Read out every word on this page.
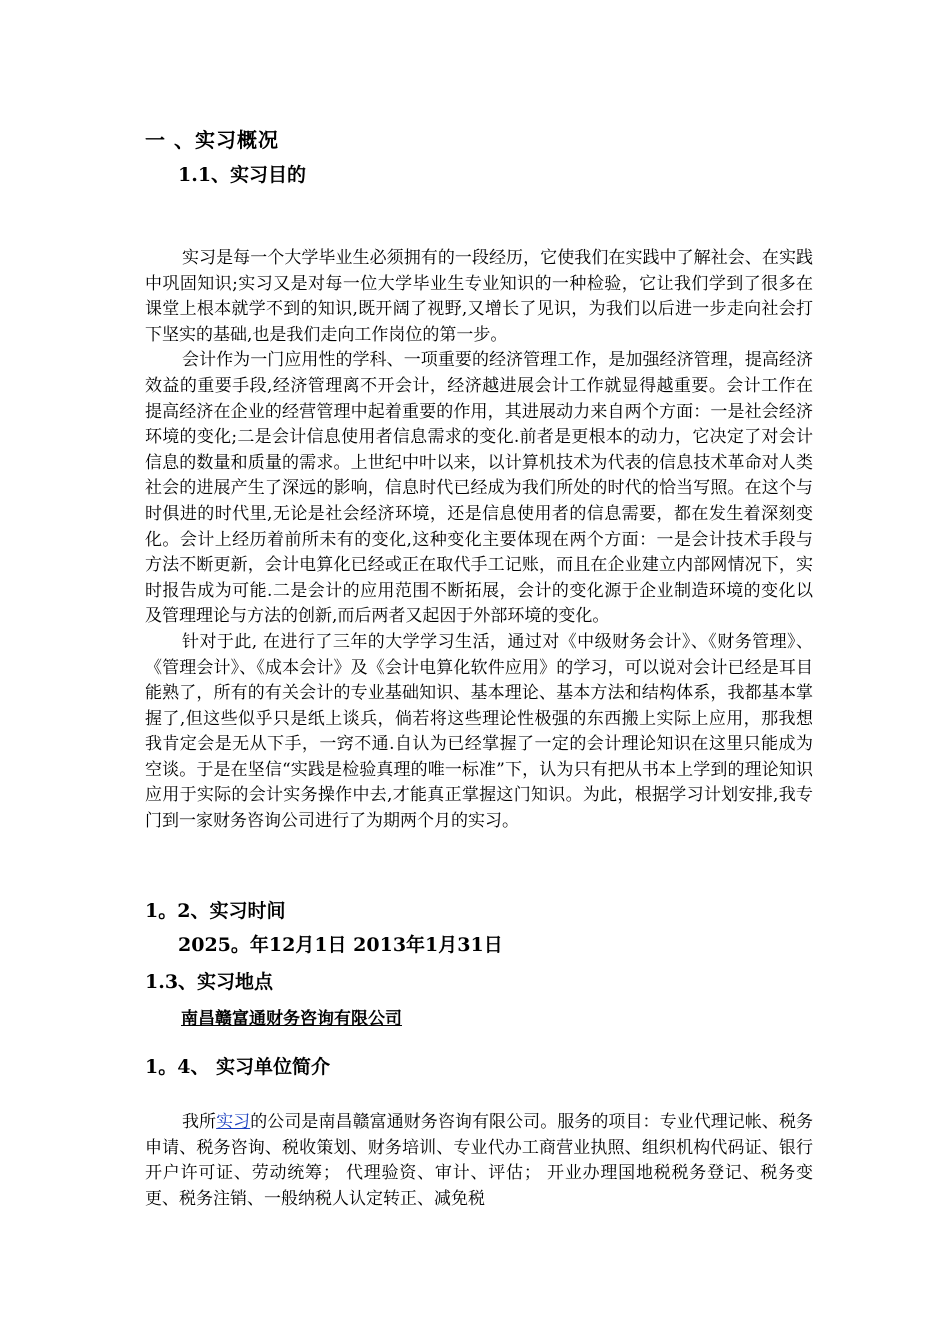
一 、实习概况
1.1、实习目的

实习是每一个大学毕业生必须拥有的一段经历，它使我们在实践中了解社会、在实践中巩固知识;实习又是对每一位大学毕业生专业知识的一种检验，它让我们学到了很多在课堂上根本就学不到的知识,既开阔了视野,又增长了见识，为我们以后进一步走向社会打下坚实的基础,也是我们走向工作岗位的第一步。

会计作为一门应用性的学科、一项重要的经济管理工作，是加强经济管理，提高经济效益的重要手段,经济管理离不开会计，经济越进展会计工作就显得越重要。会计工作在提高经济在企业的经营管理中起着重要的作用，其进展动力来自两个方面：一是社会经济环境的变化;二是会计信息使用者信息需求的变化.前者是更根本的动力，它决定了对会计信息的数量和质量的需求。上世纪中叶以来，以计算机技术为代表的信息技术革命对人类社会的进展产生了深远的影响，信息时代已经成为我们所处的时代的恰当写照。在这个与时俱进的时代里,无论是社会经济环境，还是信息使用者的信息需要，都在发生着深刻变化。会计上经历着前所未有的变化,这种变化主要体现在两个方面：一是会计技术手段与方法不断更新，会计电算化已经或正在取代手工记账，而且在企业建立内部网情况下，实时报告成为可能.二是会计的应用范围不断拓展，会计的变化源于企业制造环境的变化以及管理理论与方法的创新,而后两者又起因于外部环境的变化。

针对于此, 在进行了三年的大学学习生活，通过对《中级财务会计》、《财务管理》、《管理会计》、《成本会计》及《会计电算化软件应用》的学习，可以说对会计已经是耳目能熟了，所有的有关会计的专业基础知识、基本理论、基本方法和结构体系，我都基本掌握了,但这些似乎只是纸上谈兵，倘若将这些理论性极强的东西搬上实际上应用，那我想我肯定会是无从下手，一窍不通.自认为已经掌握了一定的会计理论知识在这里只能成为空谈。于是在坚信“实践是检验真理的唯一标准”下，认为只有把从书本上学到的理论知识应用于实际的会计实务操作中去,才能真正掌握这门知识。为此，根据学习计划安排,我专门到一家财务咨询公司进行了为期两个月的实习。

1。2、实习时间
2025。年12月1日 2013年1月31日
1.3、实习地点
南昌赣富通财务咨询有限公司
1。4、 实习单位简介

我所实习的公司是南昌赣富通财务咨询有限公司。服务的项目：专业代理记帐、税务申请、税务咨询、税收策划、财务培训、专业代办工商营业执照、组织机构代码证、银行开户许可证、劳动统筹； 代理验资、审计、评估； 开业办理国地税税务登记、税务变更、税务注销、一般纳税人认定转正、减免税
